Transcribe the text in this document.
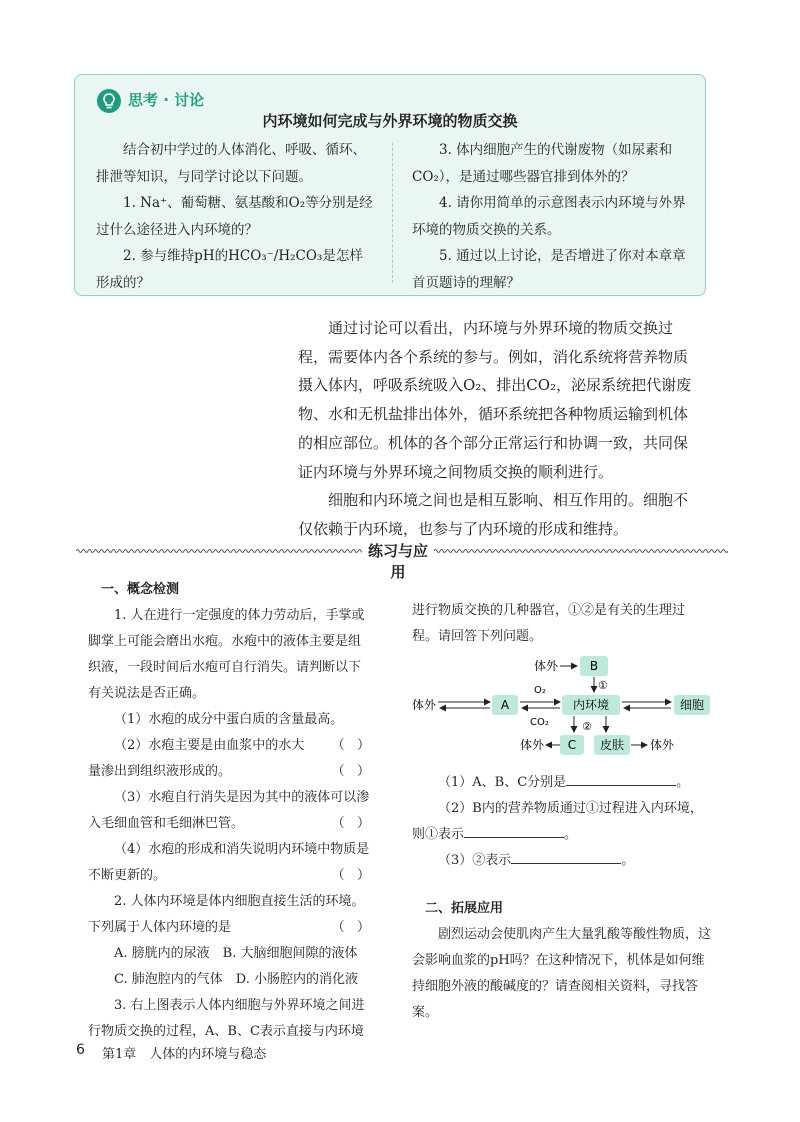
思考 · 讨论
内环境如何完成与外界环境的物质交换

结合初中学过的人体消化、呼吸、循环、排泄等知识，与同学讨论以下问题。

1. Na⁺、葡萄糖、氨基酸和O₂等分别是经过什么途径进入内环境的？

2. 参与维持pH的HCO₃⁻/H₂CO₃是怎样形成的？

3. 体内细胞产生的代谢废物（如尿素和CO₂），是通过哪些器官排到体外的？

4. 请你用简单的示意图表示内环境与外界环境的物质交换的关系。

5. 通过以上讨论，是否增进了你对本章章首页题诗的理解？

通过讨论可以看出，内环境与外界环境的物质交换过程，需要体内各个系统的参与。例如，消化系统将营养物质摄入体内，呼吸系统吸入O₂、排出CO₂，泌尿系统把代谢废物、水和无机盐排出体外，循环系统把各种物质运输到机体的相应部位。机体的各个部分正常运行和协调一致，共同保证内环境与外界环境之间物质交换的顺利进行。

细胞和内环境之间也是相互影响、相互作用的。细胞不仅依赖于内环境，也参与了内环境的形成和维持。

练习与应用

一、概念检测

1. 人在进行一定强度的体力劳动后，手掌或脚掌上可能会磨出水疱。水疱中的液体主要是组织液，一段时间后水疱可自行消失。请判断以下有关说法是否正确。

（1）水疱的成分中蛋白质的含量最高。
（   ）

（2）水疱主要是由血浆中的水大量渗出到组织液形成的。	（   ）

（3）水疱自行消失是因为其中的液体可以渗入毛细血管和毛细淋巴管。	（   ）

（4）水疱的形成和消失说明内环境中物质是不断更新的。	（   ）

2. 人体内环境是体内细胞直接生活的环境。下列属于人体内环境的是	（   ）

A. 膀胱内的尿液　B. 大脑细胞间隙的液体

C. 肺泡腔内的气体　D. 小肠腔内的消化液

3. 右上图表示人体内细胞与外界环境之间进行物质交换的过程，A、B、C表示直接与内环境

进行物质交换的几种器官，①②是有关的生理过程。请回答下列问题。

B
A	内环境	细胞
C 皮肤
体外
体外
体外	体外
O₂
CO₂
①
②

（1）A、B、C分别是	。

（2）B内的营养物质通过①过程进入内环境，则①表示	。

（3）②表示	。

二、拓展应用

剧烈运动会使肌肉产生大量乳酸等酸性物质，这会影响血浆的pH吗？在这种情况下，机体是如何维持细胞外液的酸碱度的？请查阅相关资料，寻找答案。

6 第1章　人体的内环境与稳态
